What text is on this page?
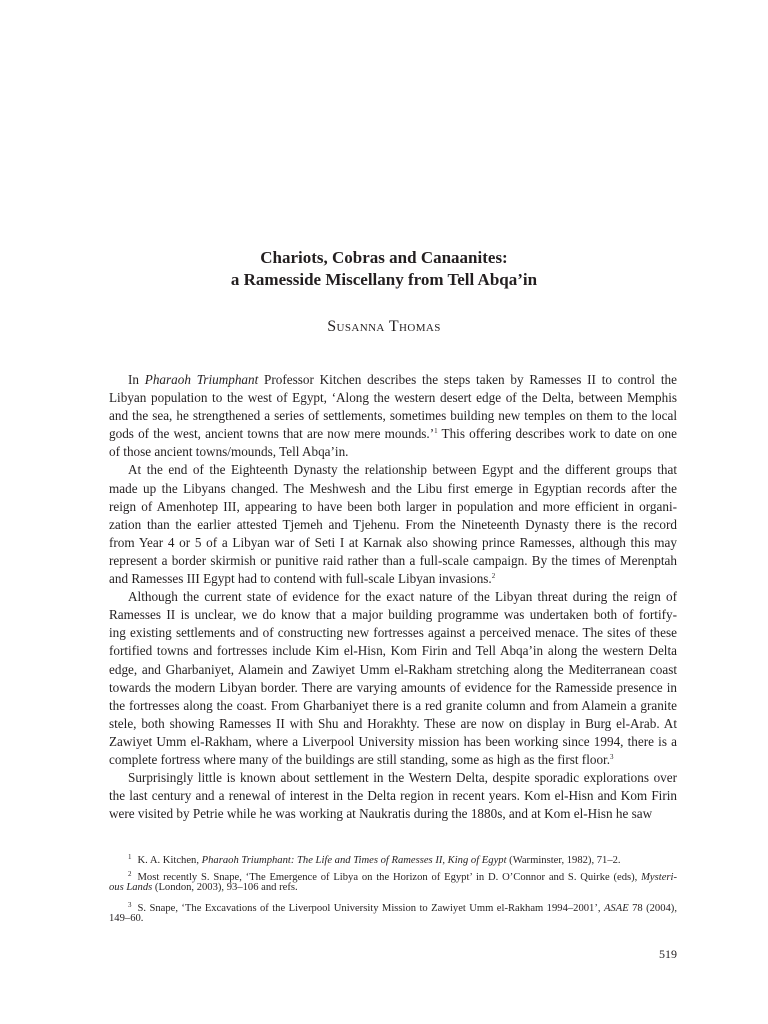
Chariots, Cobras and Canaanites:
a Ramesside Miscellany from Tell Abqa’in
Susanna Thomas
In Pharaoh Triumphant Professor Kitchen describes the steps taken by Ramesses II to control the
Libyan population to the west of Egypt, ‘Along the western desert edge of the Delta, between Memphis
and the sea, he strengthened a series of settlements, sometimes building new temples on them to the local
gods of the west, ancient towns that are now mere mounds.’$^1$ This offering describes work to date on one
of those ancient towns/mounds, Tell Abqa’in.
At the end of the Eighteenth Dynasty the relationship between Egypt and the different groups that
made up the Libyans changed. The Meshwesh and the Libu first emerge in Egyptian records after the
reign of Amenhotep III, appearing to have been both larger in population and more efficient in organi-
zation than the earlier attested Tjemeh and Tjehenu. From the Nineteenth Dynasty there is the record
from Year 4 or 5 of a Libyan war of Seti I at Karnak also showing prince Ramesses, although this may
represent a border skirmish or punitive raid rather than a full-scale campaign. By the times of Merenptah
and Ramesses III Egypt had to contend with full-scale Libyan invasions.$^2$
Although the current state of evidence for the exact nature of the Libyan threat during the reign of
Ramesses II is unclear, we do know that a major building programme was undertaken both of fortify-
ing existing settlements and of constructing new fortresses against a perceived menace. The sites of these
fortified towns and fortresses include Kim el-Hisn, Kom Firin and Tell Abqa’in along the western Delta
edge, and Gharbaniyet, Alamein and Zawiyet Umm el-Rakham stretching along the Mediterranean coast
towards the modern Libyan border. There are varying amounts of evidence for the Ramesside presence in
the fortresses along the coast. From Gharbaniyet there is a red granite column and from Alamein a granite
stele, both showing Ramesses II with Shu and Horakhty. These are now on display in Burg el-Arab. At
Zawiyet Umm el-Rakham, where a Liverpool University mission has been working since 1994, there is a
complete fortress where many of the buildings are still standing, some as high as the first floor.$^3$
Surprisingly little is known about settlement in the Western Delta, despite sporadic explorations over
the last century and a renewal of interest in the Delta region in recent years. Kom el-Hisn and Kom Firin
were visited by Petrie while he was working at Naukratis during the 1880s, and at Kom el-Hisn he saw
$^1$ K. A. Kitchen, Pharaoh Triumphant: The Life and Times of Ramesses II, King of Egypt (Warminster, 1982), 71–2.
$^2$ Most recently S. Snape, ‘The Emergence of Libya on the Horizon of Egypt’ in D. O’Connor and S. Quirke (eds), Mysteri-
ous Lands (London, 2003), 93–106 and refs.
$^3$ S. Snape, ‘The Excavations of the Liverpool University Mission to Zawiyet Umm el-Rakham 1994–2001’, ASAE 78 (2004),
149–60.
519
